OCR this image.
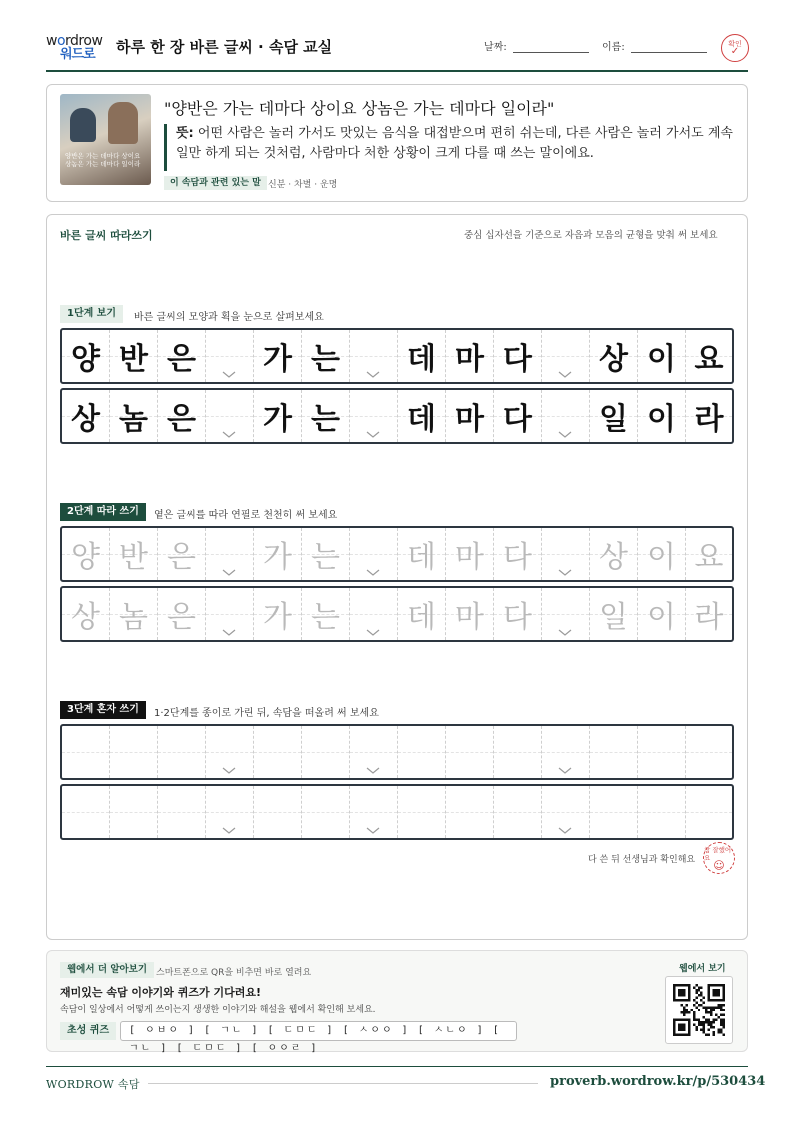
wordrow
워드로	하루 한 장 바른 글씨 · 속담 교실	날짜:	이름:	확인
✓
양반은 가는 데마다 상이요 상놈은 가는 데마다 일이라
"양반은 가는 데마다 상이요 상놈은 가는 데마다 일이라"
뜻: 어떤 사람은 놀러 가서도 맛있는 음식을 대접받으며 편히 쉬는데, 다른 사람은 놀러 가서도 계속 일만 하게 되는 것처럼, 사람마다 처한 상황이 크게 다를 때 쓰는 말이에요.
이 속담과 관련 있는 말 신분 · 차별 · 운명
바른 글씨 따라쓰기	중심 십자선을 기준으로 자음과 모음의 균형을 맞춰 써 보세요
1단계 보기	바른 글씨의 모양과 획을 눈으로 살펴보세요
양 반 은 가 는 데 마 다 상 이 요
상 놈 은 가 는 데 마 다 일 이 라
2단계 따라 쓰기	옅은 글씨를 따라 연필로 천천히 써 보세요
양 반 은 가 는 데 마 다 상 이 요
상 놈 은 가 는 데 마 다 일 이 라
3단계 혼자 쓰기	1·2단계를 종이로 가린 뒤, 속담을 떠올려 써 보세요
다 쓴 뒤 선생님과 확인해요
참 잘했어요
☺
웹에서 더 알아보기 스마트폰으로 QR을 비추면 바로 열려요
재미있는 속담 이야기와 퀴즈가 기다려요!
속담이 일상에서 어떻게 쓰이는지 생생한 이야기와 해설을 웹에서 확인해 보세요.
초성 퀴즈	[ ㅇㅂㅇ ] [ ㄱㄴ ] [ ㄷㅁㄷ ] [ ㅅㅇㅇ ] [ ㅅㄴㅇ ] [ ㄱㄴ ] [ ㄷㅁㄷ ] [ ㅇㅇㄹ ]
웹에서 보기
WORDROW 속담	proverb.wordrow.kr/p/530434
